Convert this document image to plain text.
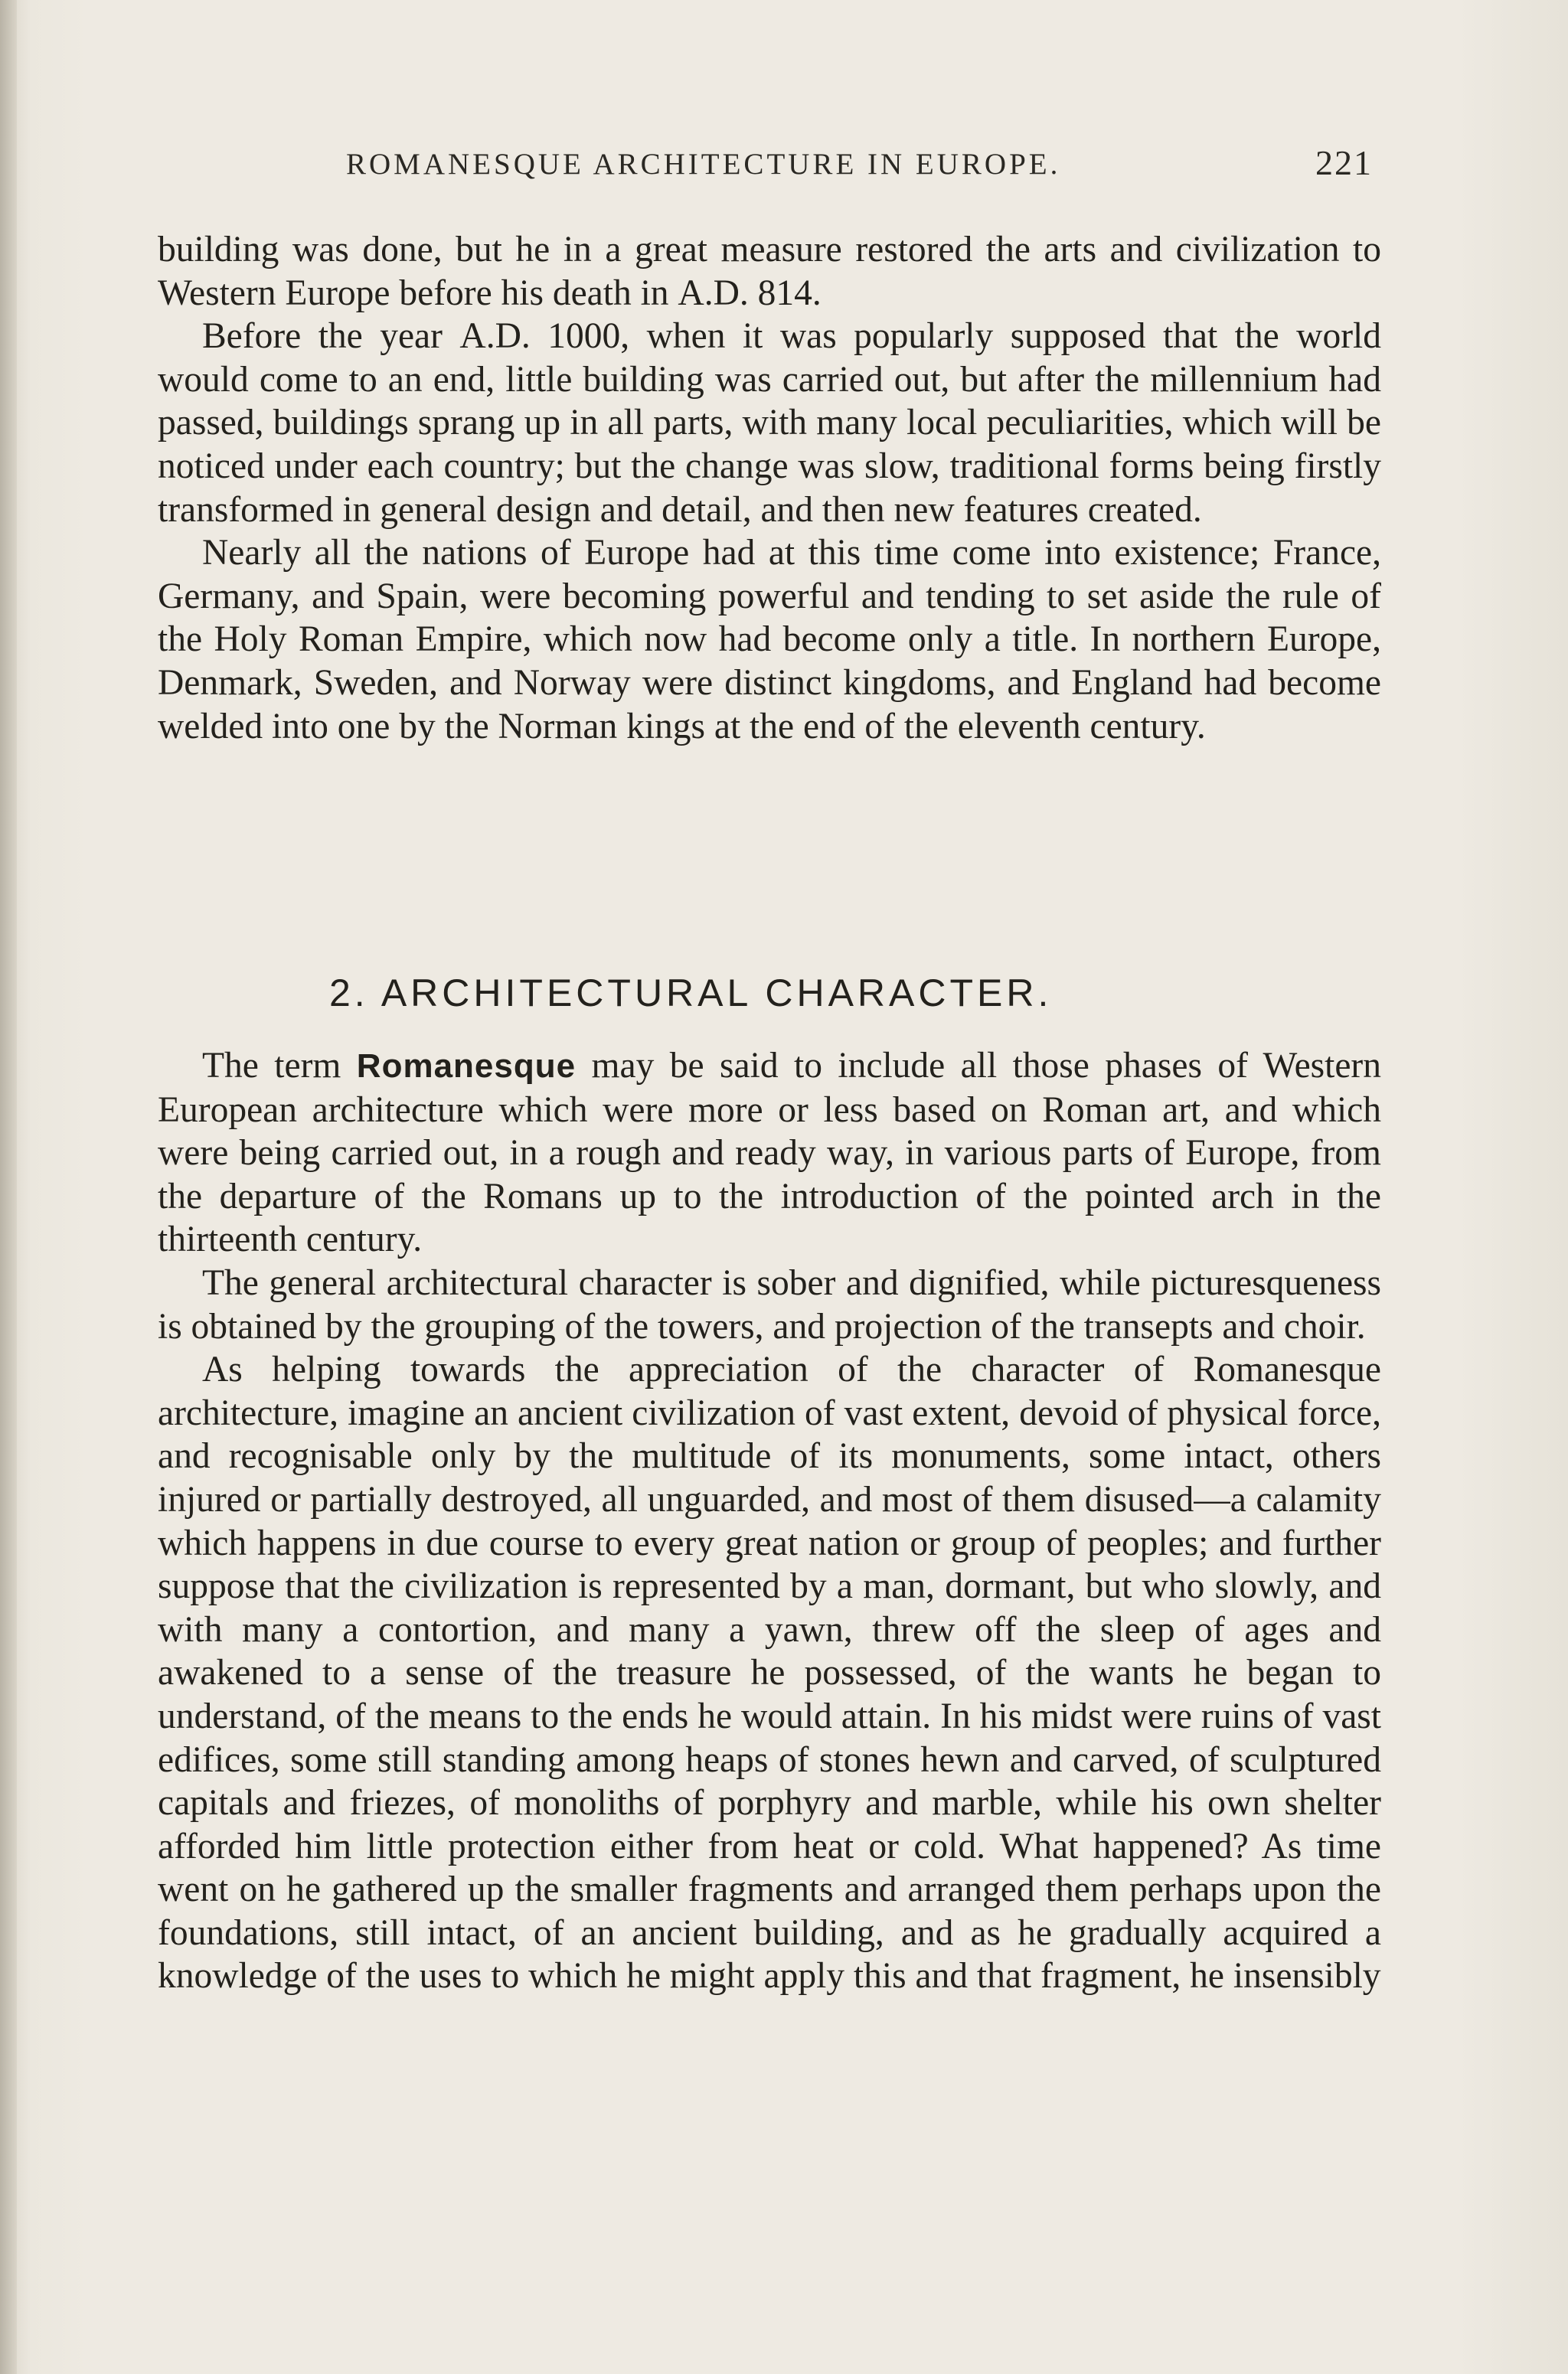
ROMANESQUE ARCHITECTURE IN EUROPE.	221

building was done, but he in a great measure restored the arts and civilization to Western Europe before his death in A.D. 814.

Before the year A.D. 1000, when it was popularly supposed that the world would come to an end, little building was carried out, but after the millennium had passed, buildings sprang up in all parts, with many local peculiarities, which will be noticed under each country; but the change was slow, traditional forms being firstly transformed in general design and detail, and then new features created.

Nearly all the nations of Europe had at this time come into existence; France, Germany, and Spain, were becoming powerful and tending to set aside the rule of the Holy Roman Empire, which now had become only a title. In northern Europe, Denmark, Sweden, and Norway were distinct kingdoms, and England had become welded into one by the Norman kings at the end of the eleventh century.

2. ARCHITECTURAL CHARACTER.

The term Romanesque may be said to include all those phases of Western European architecture which were more or less based on Roman art, and which were being carried out, in a rough and ready way, in various parts of Europe, from the departure of the Romans up to the introduction of the pointed arch in the thirteenth century.

The general architectural character is sober and dignified, while picturesqueness is obtained by the grouping of the towers, and projection of the transepts and choir.

As helping towards the appreciation of the character of Romanesque architecture, imagine an ancient civilization of vast extent, devoid of physical force, and recognisable only by the multitude of its monuments, some intact, others injured or partially destroyed, all unguarded, and most of them disused—a calamity which happens in due course to every great nation or group of peoples; and further suppose that the civilization is represented by a man, dormant, but who slowly, and with many a contortion, and many a yawn, threw off the sleep of ages and awakened to a sense of the treasure he possessed, of the wants he began to understand, of the means to the ends he would attain. In his midst were ruins of vast edifices, some still standing among heaps of stones hewn and carved, of sculptured capitals and friezes, of monoliths of porphyry and marble, while his own shelter afforded him little protection either from heat or cold. What happened? As time went on he gathered up the smaller fragments and arranged them perhaps upon the foundations, still intact, of an ancient building, and as he gradually acquired a knowledge of the uses to which he might apply this and that fragment, he insensibly
